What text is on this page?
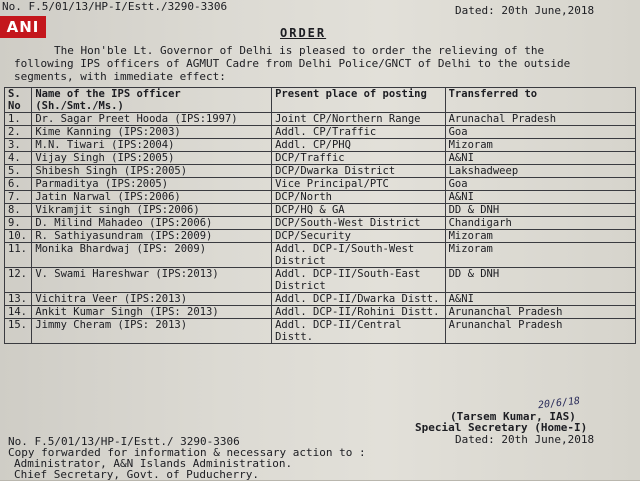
No. F.5/01/13/HP-I/Estt./3290-3306
ANI
Dated: 20th June,2018
ORDER
The Hon'ble Lt. Governor of Delhi is pleased to order the relieving of the
following IPS officers of AGMUT Cadre from Delhi Police/GNCT of Delhi to the outside
segments, with immediate effect:
S. No	Name of the IPS officer (Sh./Smt./Ms.)	Present place of posting	Transferred to
1.	Dr. Sagar Preet Hooda (IPS:1997)	Joint CP/Northern Range	Arunachal Pradesh
2.	Kime Kanning (IPS:2003)	Addl. CP/Traffic	Goa
3.	M.N. Tiwari (IPS:2004)	Addl. CP/PHQ	Mizoram
4.	Vijay Singh (IPS:2005)	DCP/Traffic	A&NI
5.	Shibesh Singh (IPS:2005)	DCP/Dwarka District	Lakshadweep
6.	Parmaditya (IPS:2005)	Vice Principal/PTC	Goa
7.	Jatin Narwal (IPS:2006)	DCP/North	A&NI
8.	Vikramjit singh (IPS:2006)	DCP/HQ & GA	DD & DNH
9.	D. Milind Mahadeo (IPS:2006)	DCP/South-West District	Chandigarh
10.	R. Sathiyasundram (IPS:2009)	DCP/Security	Mizoram
11.	Monika Bhardwaj (IPS: 2009)	Addl. DCP-I/South-West District	Mizoram
12.	V. Swami Hareshwar (IPS:2013)	Addl. DCP-II/South-East District	DD & DNH
13.	Vichitra Veer (IPS:2013)	Addl. DCP-II/Dwarka Distt.	A&NI
14.	Ankit Kumar Singh (IPS: 2013)	Addl. DCP-II/Rohini Distt.	Arunanchal Pradesh
15.	Jimmy Cheram (IPS: 2013)	Addl. DCP-II/Central Distt.	Arunanchal Pradesh
20/6/18
(Tarsem Kumar, IAS)
Special Secretary (Home-I)
Dated: 20th June,2018
No. F.5/01/13/HP-I/Estt./ 3290-3306
Copy forwarded for information & necessary action to :
Administrator, A&N Islands Administration.
Chief Secretary, Govt. of Puducherry.
